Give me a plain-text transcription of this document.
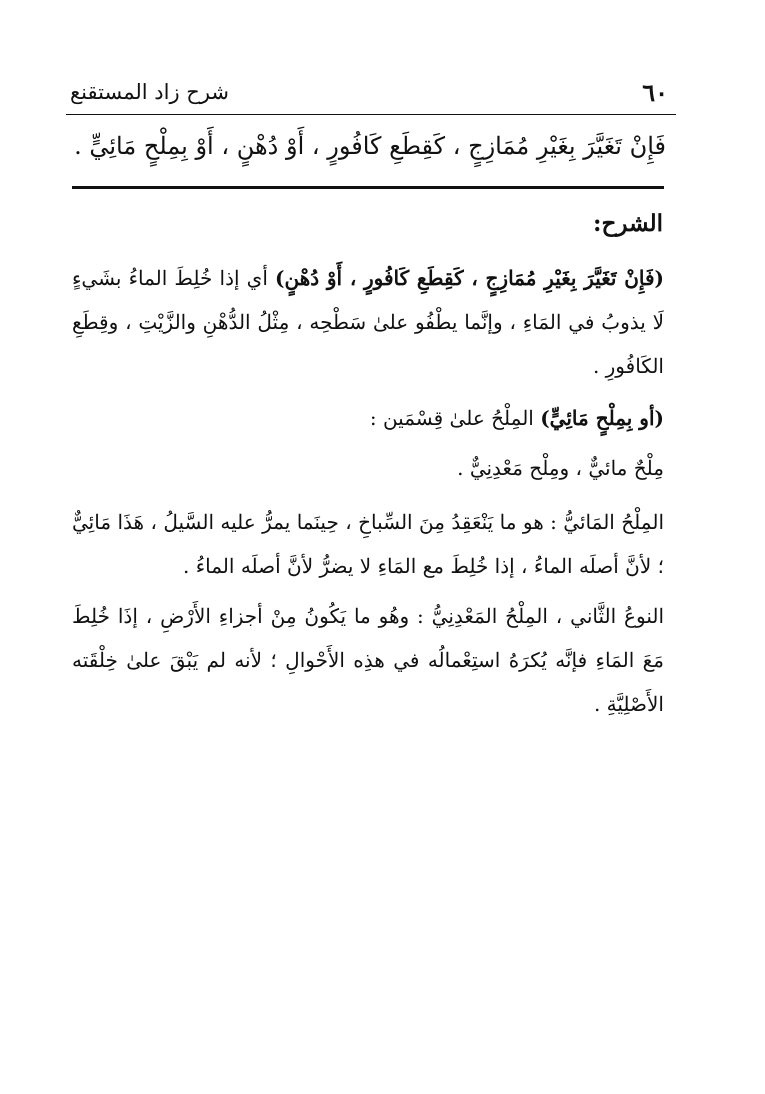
شرح زاد المستقنع	٦٠
فَإِنْ تَغَيَّرَ بِغَيْرِ مُمَازِجٍ ، كَقِطَعِ كَافُورٍ ، أَوْ دُهْنٍ ، أَوْ بِمِلْحٍ مَائِيٍّ .
الشرح:
(فَإِنْ تَغَيَّرَ بِغَيْرِ مُمَازِجٍ ، كَقِطَعِ كَافُورٍ ، أَوْ دُهْنٍ) أي إذا خُلِطَ الماءُ بشَيءٍ لَا يذوبُ في المَاءِ ، وإنَّما يطْفُو علىٰ سَطْحِه ، مِثْلُ الدُّهْنِ والزَّيْتِ ، وقِطَعِ الكَافُورِ .
(أو بِمِلْحٍ مَائِيٍّ) المِلْحُ علىٰ قِسْمَين :
مِلْحٌ مائيٌّ ، ومِلْح مَعْدِنِيٌّ .
المِلْحُ المَائيُّ : هو ما يَنْعَقِدُ مِنَ السِّباخِ ، حِينَما يمرُّ عليه السَّيلُ ، هَذَا مَائِيٌّ ؛ لأنَّ أصلَه الماءُ ، إذا خُلِطَ مع المَاءِ لا يضرُّ لأنَّ أصلَه الماءُ .
النوعُ الثَّاني ، المِلْحُ المَعْدِنِيُّ : وهُو ما يَكُونُ مِنْ أجزاءِ الأَرْضِ ، إذَا خُلِطَ مَعَ المَاءِ فإنَّه يُكرَهُ استِعْمالُه في هذِه الأَحْوالِ ؛ لأنه لم يَبْقَ علىٰ خِلْقَته الأَصْلِيَّةِ .
